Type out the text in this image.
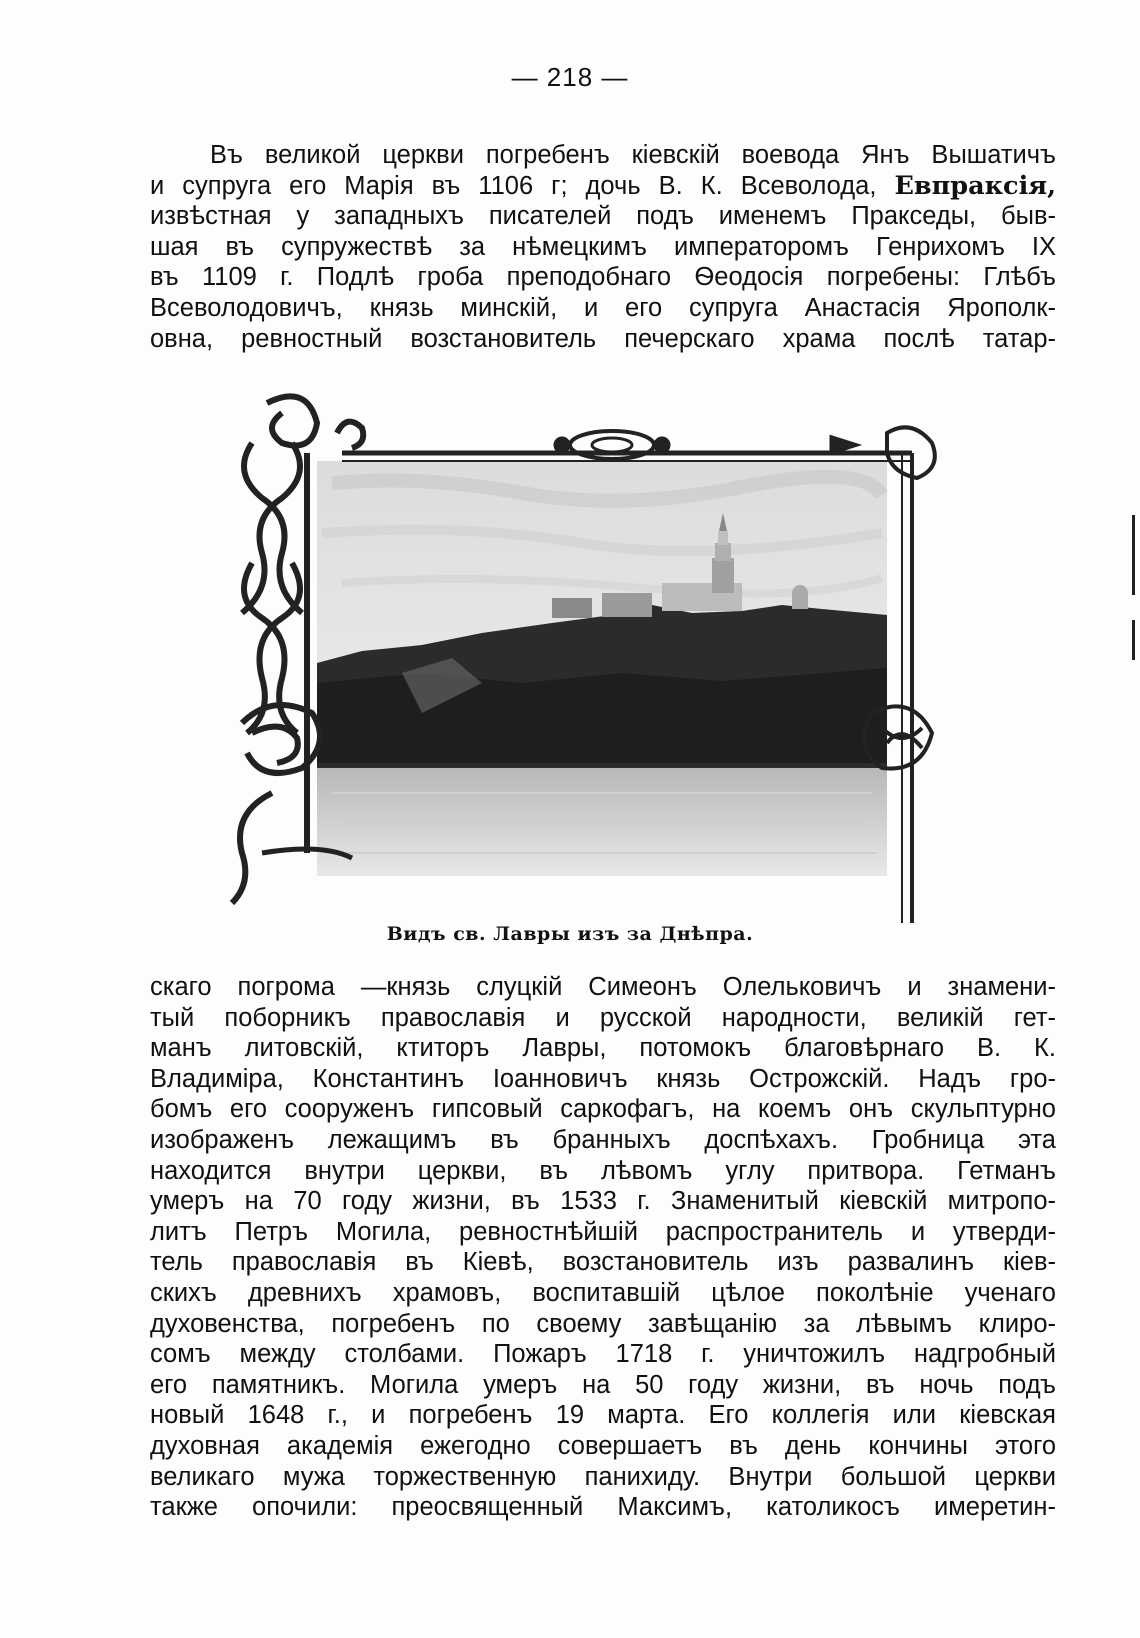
— 218 —
Въ великой церкви погребенъ кіевскій воевода Янъ Вышатичъ
и супруга его Марія въ 1106 г; дочь В. К. Всеволода, Евпраксія,
извѣстная у западныхъ писателей подъ именемъ Пракседы, быв-
шая въ супружествѣ за нѣмецкимъ императоромъ Генрихомъ IX
въ 1109 г. Подлѣ гроба преподобнаго Ѳеодосія погребены: Глѣбъ
Всеволодовичъ, князь минскій, и его супруга Анастасія Ярополк-
овна, ревностный возстановитель печерскаго храма послѣ татар-
Видъ св. Лавры изъ за Днѣпра.
скаго погрома —князь слуцкій Симеонъ Олельковичъ и знамени-
тый поборникъ православія и русской народности, великій гет-
манъ литовскій, ктиторъ Лавры, потомокъ благовѣрнаго В. К.
Владиміра, Константинъ Іоанновичъ князь Острожскій. Надъ гро-
бомъ его сооруженъ гипсовый саркофагъ, на коемъ онъ скульптурно
изображенъ лежащимъ въ бранныхъ доспѣхахъ. Гробница эта
находится внутри церкви, въ лѣвомъ углу притвора. Гетманъ
умеръ на 70 году жизни, въ 1533 г. Знаменитый кіевскій митропо-
литъ Петръ Могила, ревностнѣйшій распространитель и утверди-
тель православія въ Кіевѣ, возстановитель изъ развалинъ кіев-
скихъ древнихъ храмовъ, воспитавшій цѣлое поколѣніе ученаго
духовенства, погребенъ по своему завѣщанію за лѣвымъ клиро-
сомъ между столбами. Пожаръ 1718 г. уничтожилъ надгробный
его памятникъ. Могила умеръ на 50 году жизни, въ ночь подъ
новый 1648 г., и погребенъ 19 марта. Его коллегія или кіевская
духовная академія ежегодно совершаетъ въ день кончины этого
великаго мужа торжественную панихиду. Внутри большой церкви
также опочили: преосвященный Максимъ, католикосъ имеретин-
